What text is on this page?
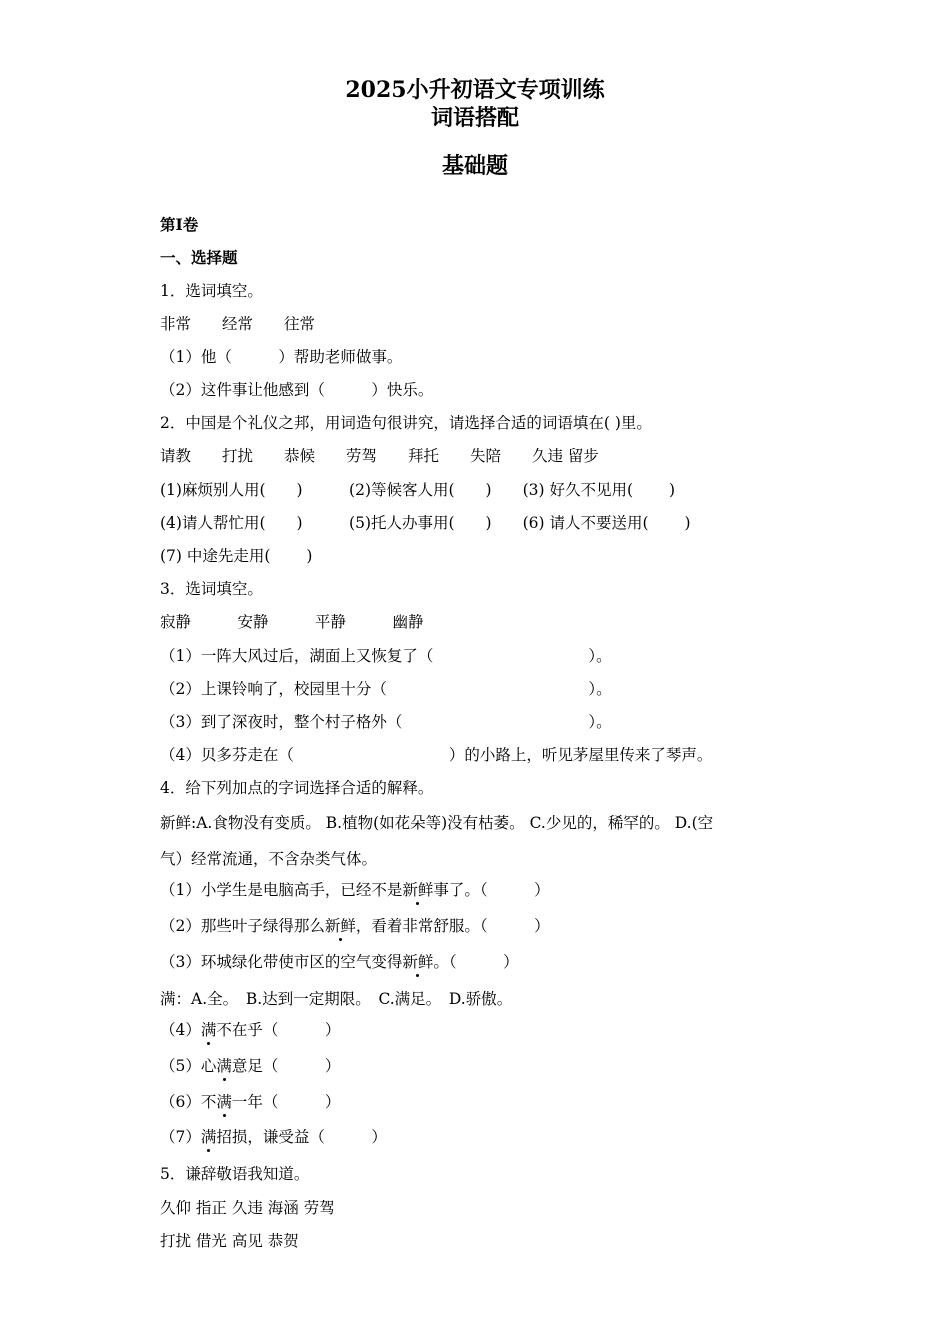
2025小升初语文专项训练
词语搭配
基础题
第I卷
一、选择题
1．选词填空。
非常　　经常　　往常
（1）他（　　　）帮助老师做事。
（2）这件事让他感到（　　　）快乐。
2．中国是个礼仪之邦，用词造句很讲究，请选择合适的词语填在( )里。
请教　　打扰　　恭候　　劳驾　　拜托　　失陪　　久违 留步
(1)麻烦别人用(　　)　　　(2)等候客人用(　　)　　(3) 好久不见用(　　 )
(4)请人帮忙用(　　)　　　(5)托人办事用(　　)　　(6) 请人不要送用(　　 )
(7) 中途先走用(　　 )
3．选词填空。
寂静　　　安静　　　平静　　　幽静
（1）一阵大风过后，湖面上又恢复了（　　　　　　　　　　）。
（2）上课铃响了，校园里十分（　　　　　　　　　　　　　）。
（3）到了深夜时，整个村子格外（　　　　　　　　　　　　）。
（4）贝多芬走在（　　　　　　　　　　）的小路上，听见茅屋里传来了琴声。
4．给下列加点的字词选择合适的解释。
新鲜:A.食物没有变质。 B.植物(如花朵等)没有枯萎。 C.少见的，稀罕的。 D.(空
气）经常流通，不含杂类气体。
（1）小学生是电脑高手，已经不是新鲜事了。（　　　）
（2）那些叶子绿得那么新鲜，看着非常舒服。（　　　）
（3）环城绿化带使市区的空气变得新鲜。（　　　）
满：A.全。　B.达到一定期限。　C.满足。　D.骄傲。
（4）满不在乎（　　　）
（5）心满意足（　　　）
（6）不满一年（　　　）
（7）满招损，谦受益（　　　）
5．谦辞敬语我知道。
久仰 指正 久违 海涵 劳驾
打扰 借光 高见 恭贺
